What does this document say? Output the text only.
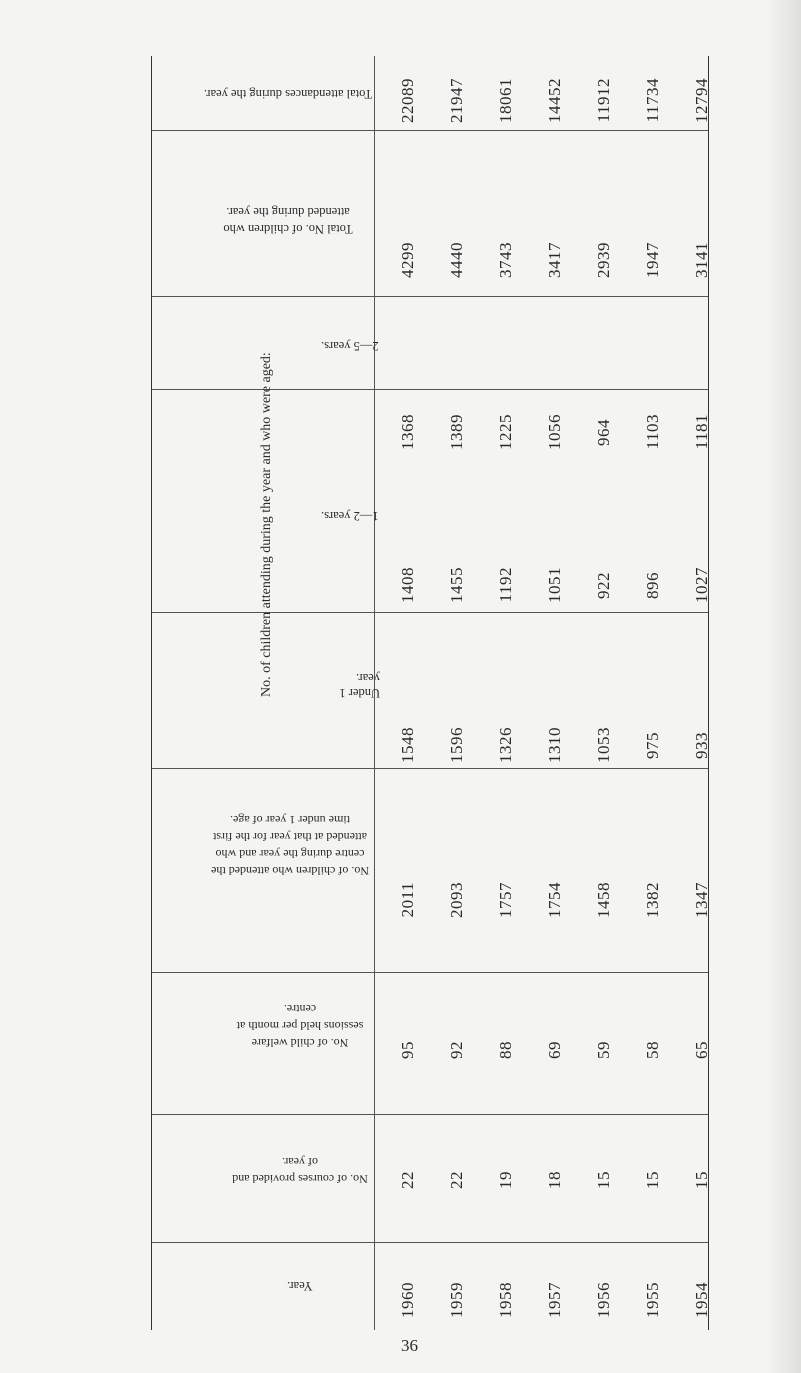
Total attendances during the year.
Total No. of children who attended during the year.
No. of children attending during the year and who were aged:
2—5 years.
1—2 years.
Under 1 year.
No. of children who attended the centre during the year and who attended at that year for the first time under 1 year of age.
No. of child welfare sessions held per month at centre.
No. of courses provided and of year.
Year.
22089
4299
1368
1408
1548
2011
95
22
1960
21947
4440
1389
1455
1596
2093
92
22
1959
18061
3743
1225
1192
1326
1757
88
19
1958
14452
3417
1056
1051
1310
1754
69
18
1957
11912
2939
964
922
1053
1458
59
15
1956
11734
1947
1103
896
975
1382
58
15
1955
12794
3141
1181
1027
933
1347
65
15
1954
36
